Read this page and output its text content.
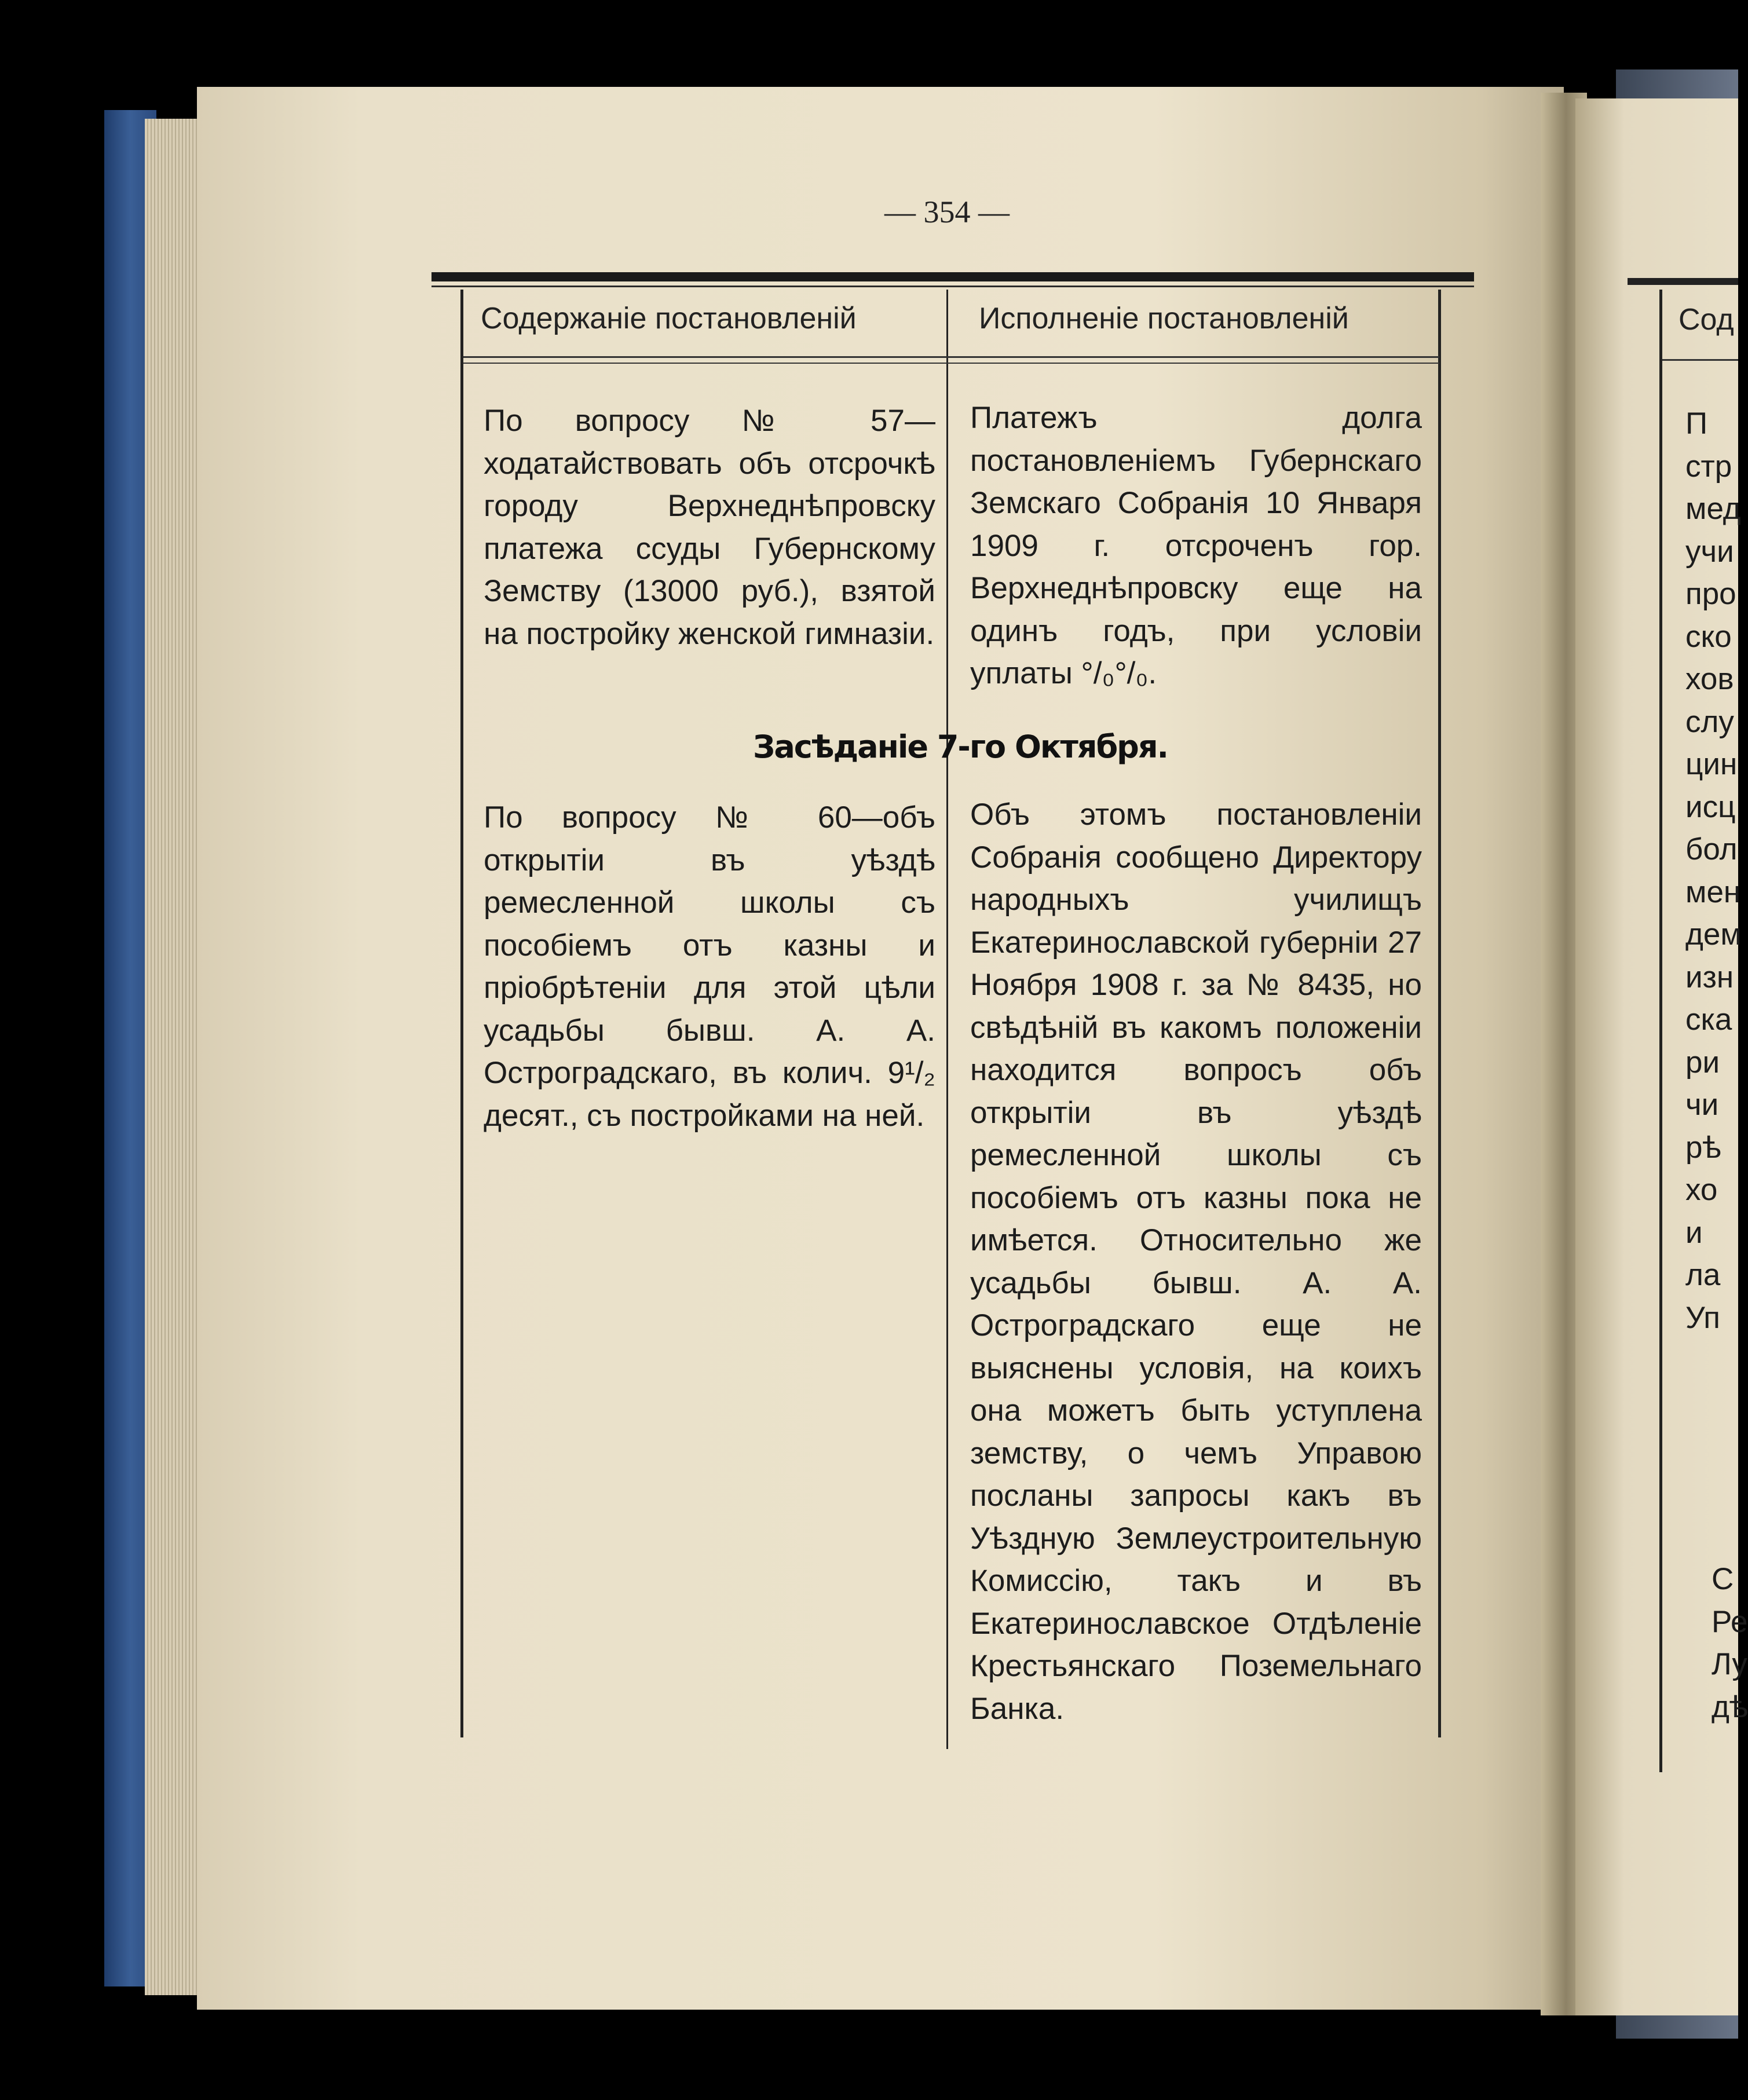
— 354 —
Содержаніе постановленій	Исполненіе постановленій

По вопросу № 57—ходатайствовать объ отсрочкѣ городу Верхнеднѣпровску платежа ссуды Губернскому Земству (13000 руб.), взятой на постройку женской гимназіи.

Платежъ долга постановленіемъ Губернскаго Земскаго Собранія 10 Января 1909 г. отсроченъ гор. Верхнеднѣпровску еще на одинъ годъ, при условіи уплаты °/₀°/₀.

Засѣданіе 7-го Октября.

По вопросу № 60—объ открытіи въ уѣздѣ ремесленной школы съ пособіемъ отъ казны и пріобрѣтеніи для этой цѣли усадьбы бывш. А. А. Остроградскаго, въ колич. 9¹/₂ десят., съ постройками на ней.

Объ этомъ постановленіи Собранія сообщено Директору народныхъ училищъ Екатеринославской губерніи 27 Ноября 1908 г. за № 8435, но свѣдѣній въ какомъ положеніи находится вопросъ объ открытіи въ уѣздѣ ремесленной школы съ пособіемъ отъ казны пока не имѣется. Относительно же усадьбы бывш. А. А. Остроградскаго еще не выяснены условія, на коихъ она можетъ быть уступлена земству, о чемъ Управою посланы запросы какъ въ Уѣздную Землеустроительную Комиссію, такъ и въ Екатеринославское Отдѣленіе Крестьянскаго Поземельнаго Банка.

Сод
П
стр
мед
учи
про
ско
хов
слу
цин
исц
бол
мен
дем
изн
ска
ри
чи
рѣ
хо
и
ла
Уп
С
Ре
Лу
дѣ
